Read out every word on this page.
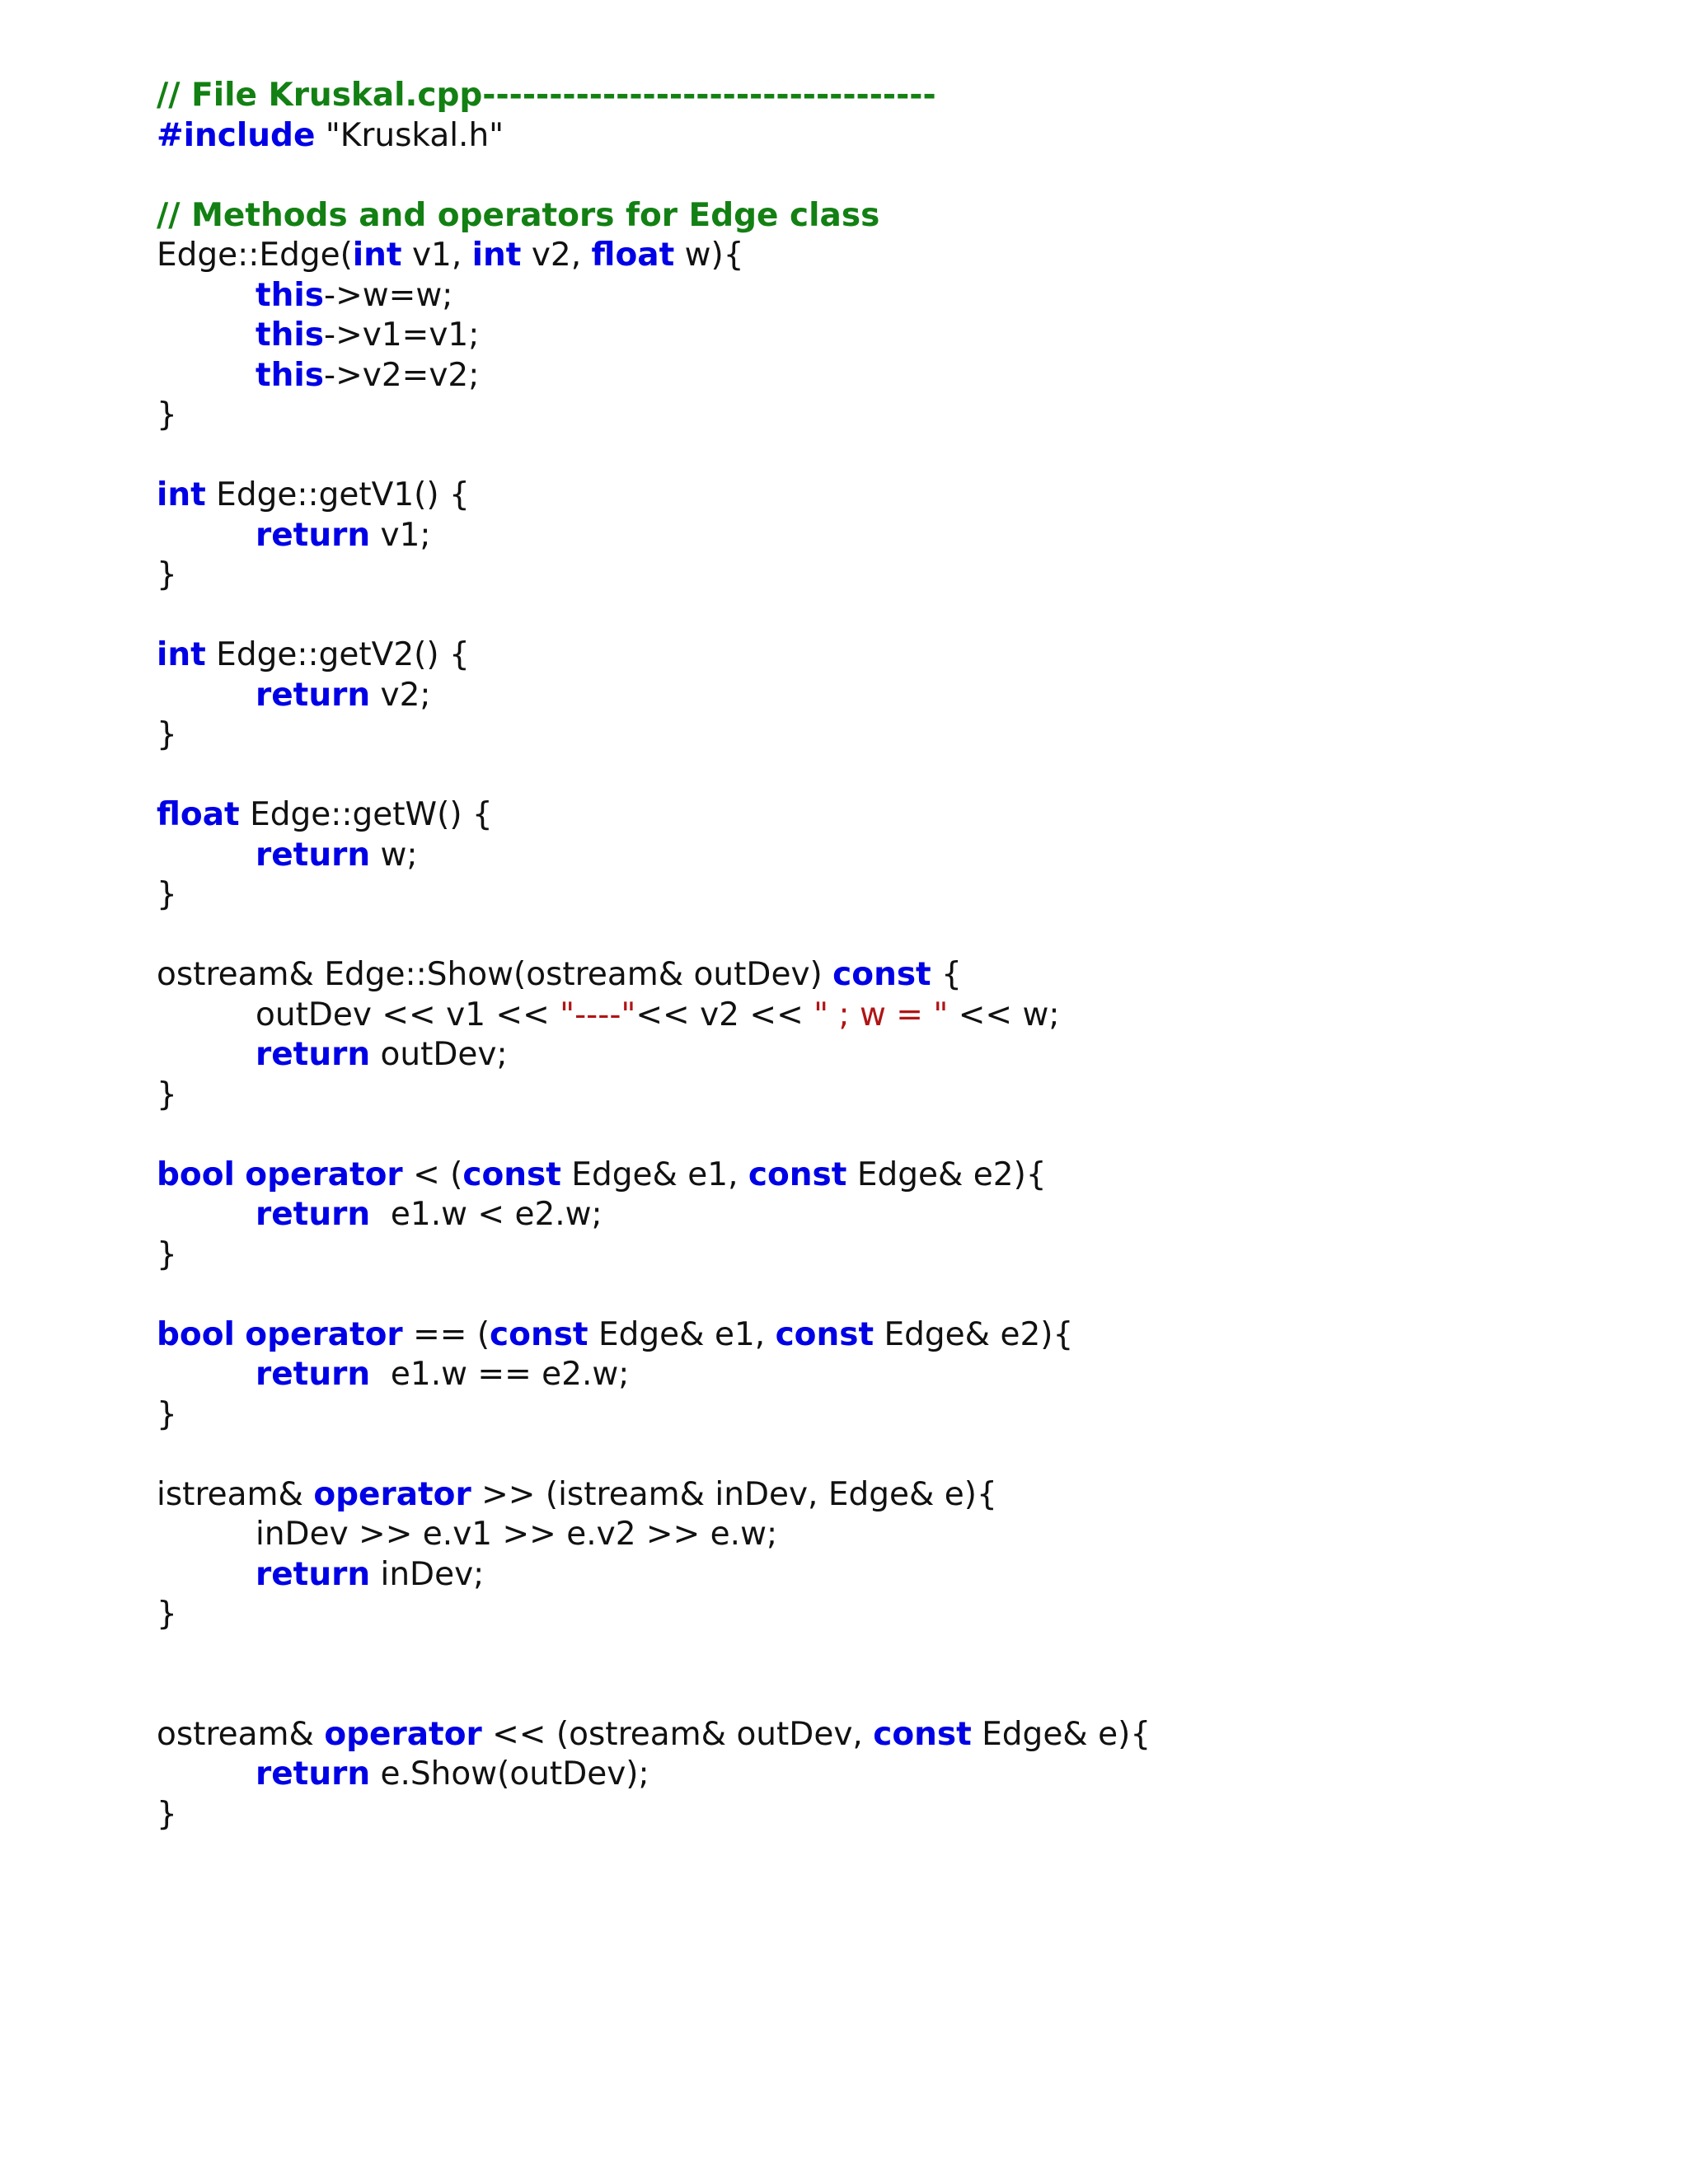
// File Kruskal.cpp----------------------------------
#include "Kruskal.h"
// Methods and operators for Edge class
Edge::Edge(int v1, int v2, float w){
this->w=w;
this->v1=v1;
this->v2=v2;
}
int Edge::getV1() {
return v1;
}
int Edge::getV2() {
return v2;
}
float Edge::getW() {
return w;
}
ostream& Edge::Show(ostream& outDev) const {
outDev << v1 << "----"<< v2 << " ; w = " << w;
return outDev;
}
bool operator < (const Edge& e1, const Edge& e2){
return  e1.w < e2.w;
}
bool operator == (const Edge& e1, const Edge& e2){
return  e1.w == e2.w;
}
istream& operator >> (istream& inDev, Edge& e){
inDev >> e.v1 >> e.v2 >> e.w;
return inDev;
}
ostream& operator << (ostream& outDev, const Edge& e){
return e.Show(outDev);
}
